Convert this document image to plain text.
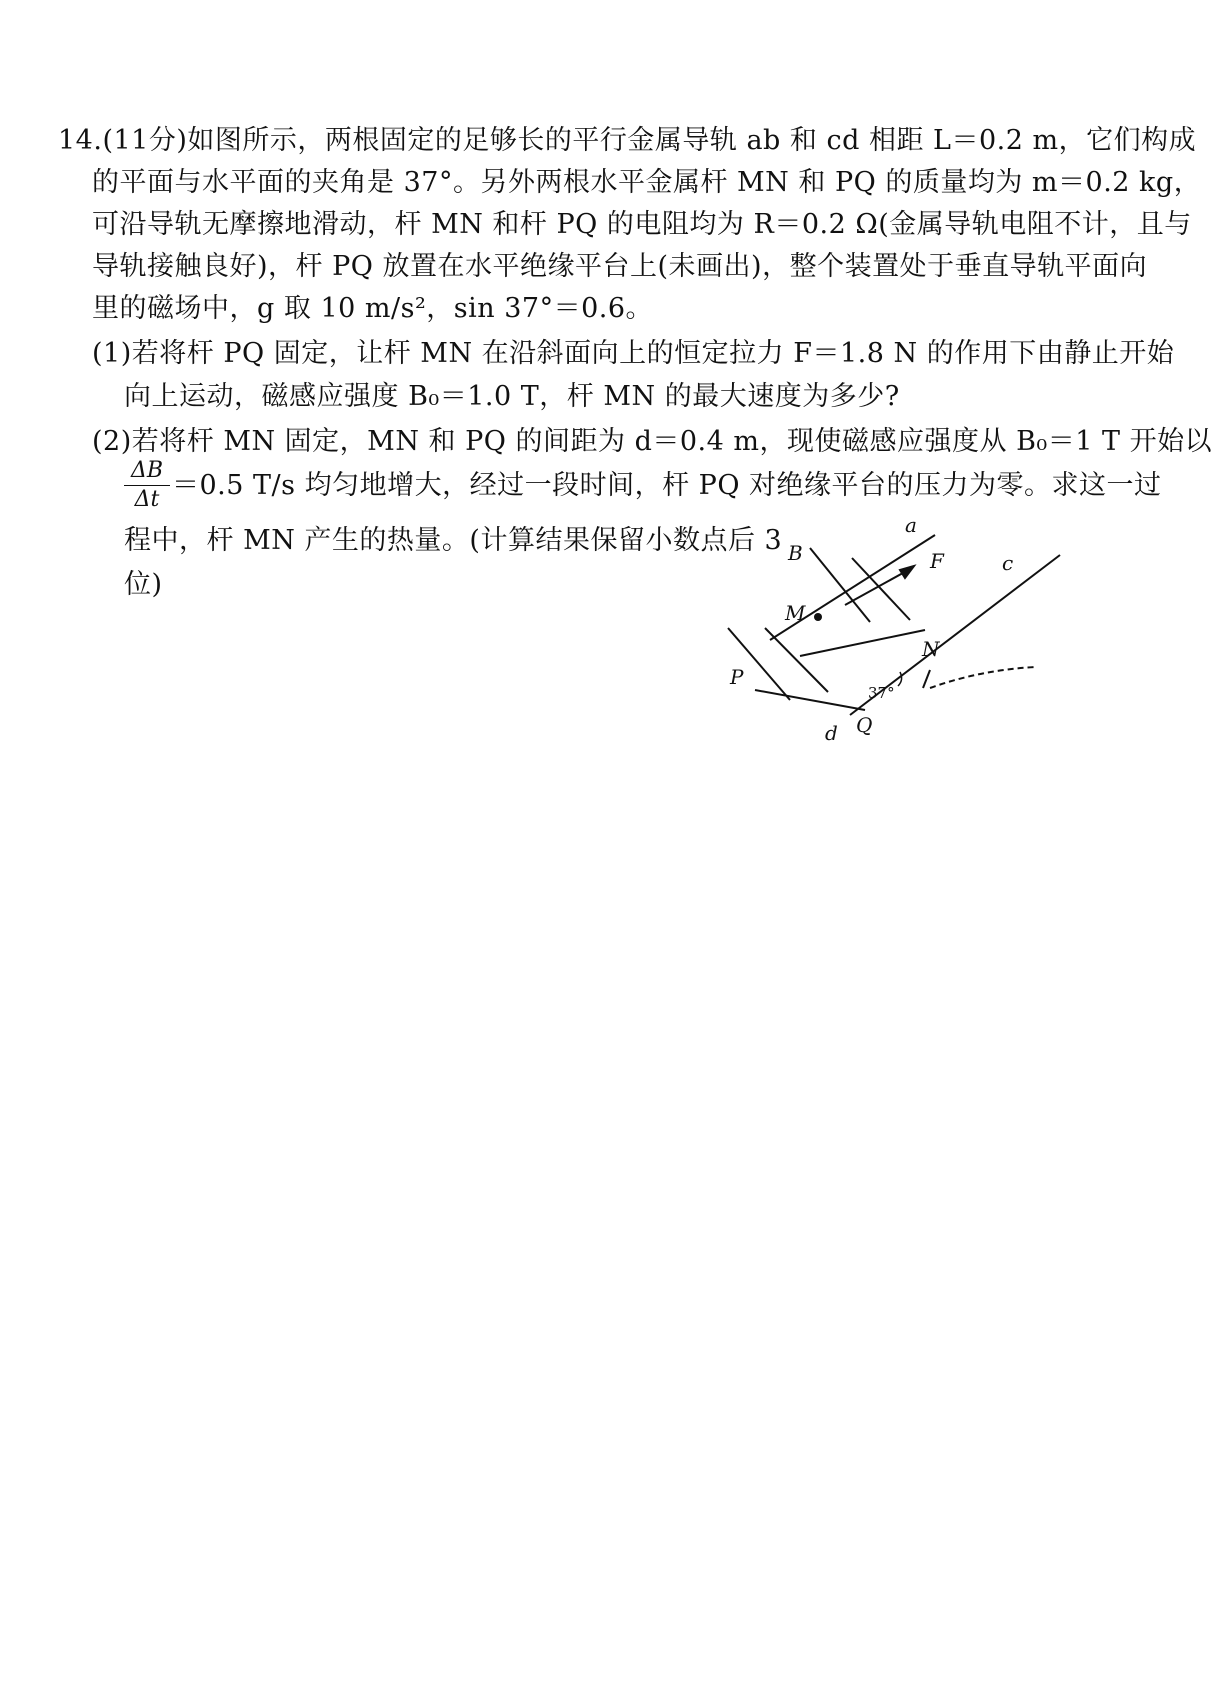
14.(11分)如图所示，两根固定的足够长的平行金属导轨 ab 和 cd 相距 L＝0.2 m，它们构成
的平面与水平面的夹角是 37°。另外两根水平金属杆 MN 和 PQ 的质量均为 m＝0.2 kg，
可沿导轨无摩擦地滑动，杆 MN 和杆 PQ 的电阻均为 R＝0.2 Ω(金属导轨电阻不计，且与
导轨接触良好)，杆 PQ 放置在水平绝缘平台上(未画出)，整个装置处于垂直导轨平面向
里的磁场中，g 取 10 m/s²，sin 37°＝0.6。
(1)若将杆 PQ 固定，让杆 MN 在沿斜面向上的恒定拉力 F＝1.8 N 的作用下由静止开始
向上运动，磁感应强度 B₀＝1.0 T，杆 MN 的最大速度为多少?
(2)若将杆 MN 固定，MN 和 PQ 的间距为 d＝0.4 m，现使磁感应强度从 B₀＝1 T 开始以
ΔB
Δt ＝0.5 T/s 均匀地增大，经过一段时间，杆 PQ 对绝缘平台的压力为零。求这一过
程中，杆 MN 产生的热量。(计算结果保留小数点后 3
位)
a
B	F	c
M
N
P
37°
d Q
